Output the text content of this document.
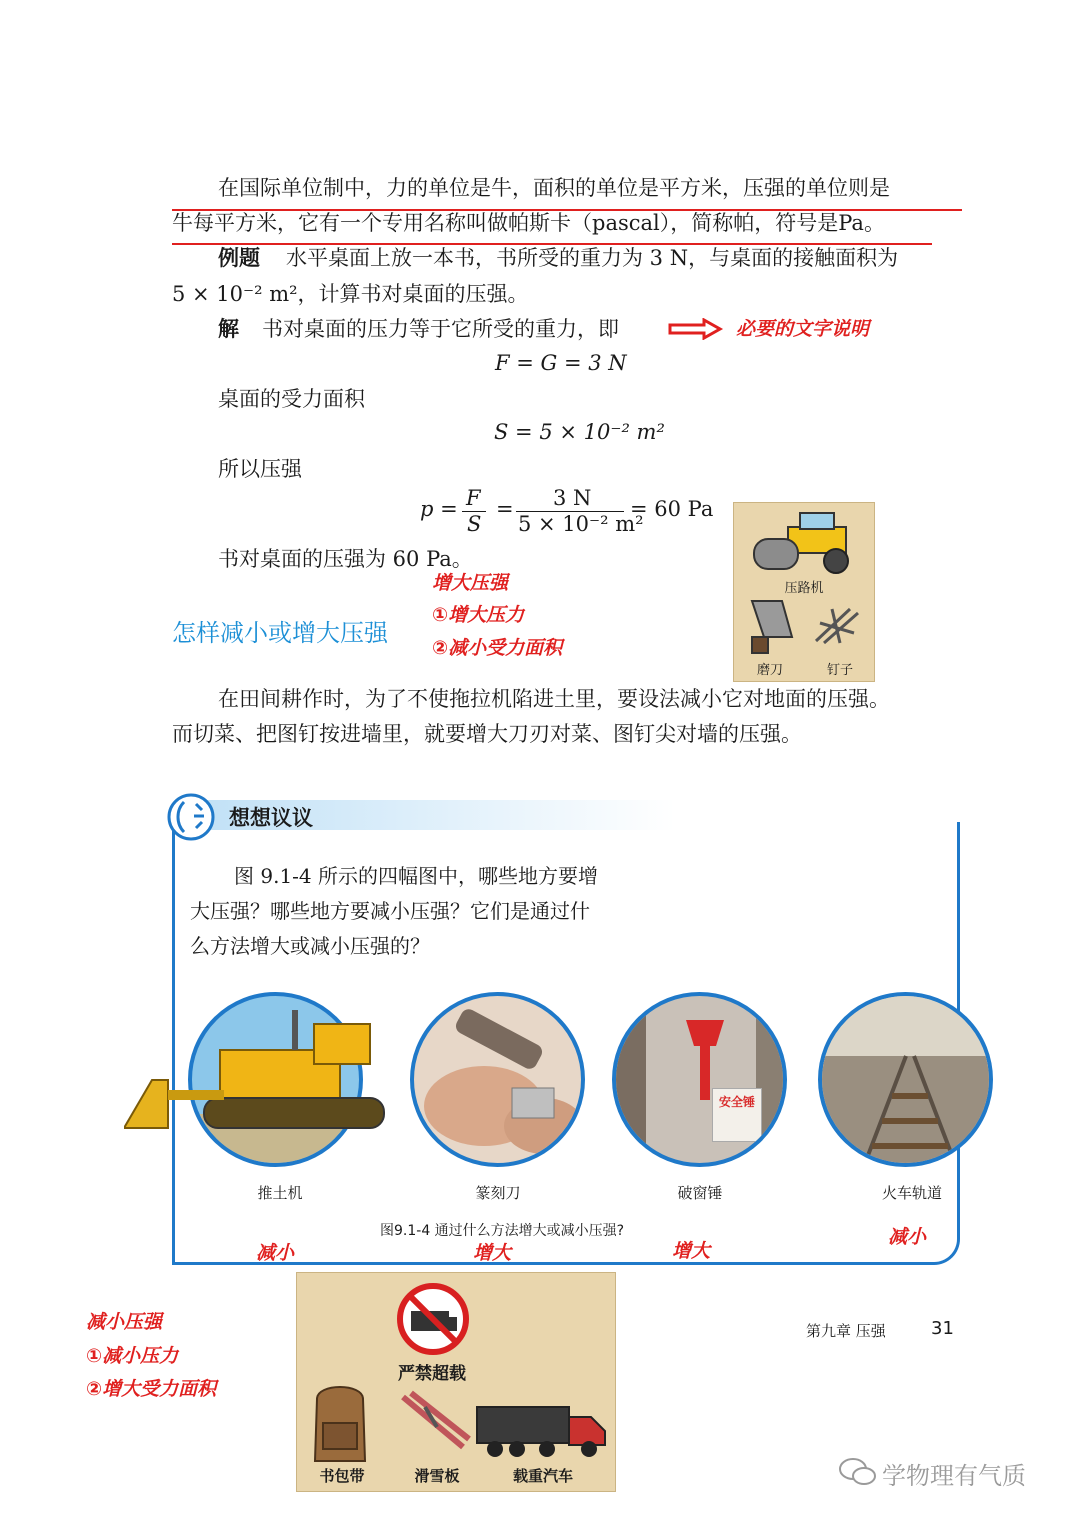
在国际单位制中，力的单位是牛，面积的单位是平方米，压强的单位则是
牛每平方米，它有一个专用名称叫做帕斯卡（pascal），简称帕，符号是Pa。
例题 水平桌面上放一本书，书所受的重力为 3 N，与桌面的接触面积为
5 × 10⁻² m²，计算书对桌面的压强。
解 书对桌面的压力等于它所受的重力，即	必要的文字说明
F = G = 3 N
桌面的受力面积
S = 5 × 10⁻² m²
所以压强
p = F
S
= 3 N
5 × 10⁻² m²
= 60 Pa
书对桌面的压强为 60 Pa。
压路机
磨刀	钉子
增大压强
①增大压力
②减小受力面积
怎样减小或增大压强
在田间耕作时，为了不使拖拉机陷进土里，要设法减小它对地面的压强。
而切菜、把图钉按进墙里，就要增大刀刃对菜、图钉尖对墙的压强。
想想议议
图 9.1-4 所示的四幅图中，哪些地方要增
大压强？哪些地方要减小压强？它们是通过什
么方法增大或减小压强的？
安全锤
推土机	篆刻刀	破窗锤	火车轨道
图9.1-4 通过什么方法增大或减小压强?
减小	增大	增大
减小
减小压强
①减小压力
②增大受力面积
严禁超载
书包带	滑雪板	载重汽车
第九章 压强	31
学物理有气质
